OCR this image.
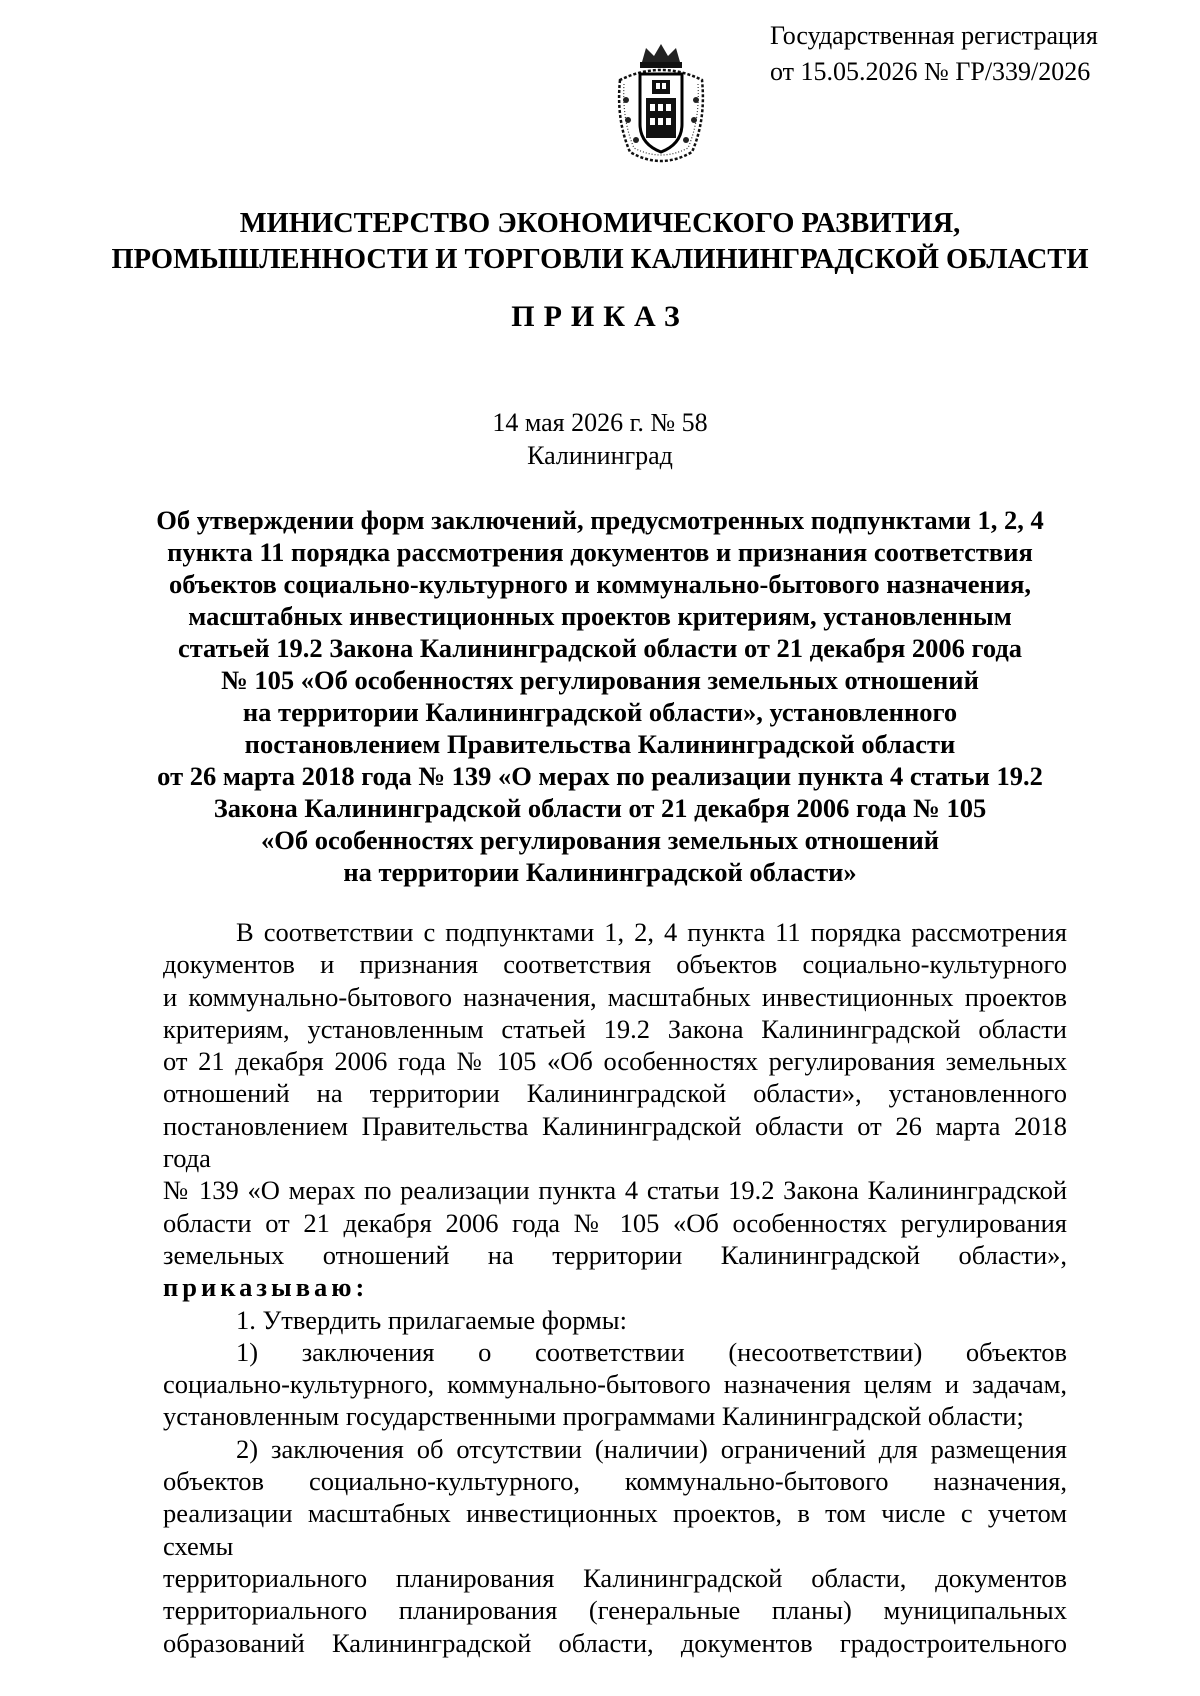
Государственная регистрация
от 15.05.2026 № ГР/339/2026
МИНИСТЕРСТВО ЭКОНОМИЧЕСКОГО РАЗВИТИЯ,
ПРОМЫШЛЕННОСТИ И ТОРГОВЛИ КАЛИНИНГРАДСКОЙ ОБЛАСТИ
ПРИКАЗ
14 мая 2026 г. № 58
Калининград
Об утверждении форм заключений, предусмотренных подпунктами 1, 2, 4
пункта 11 порядка рассмотрения документов и признания соответствия
объектов социально-культурного и коммунально-бытового назначения,
масштабных инвестиционных проектов критериям, установленным
статьей 19.2 Закона Калининградской области от 21 декабря 2006 года
№ 105 «Об особенностях регулирования земельных отношений
на территории Калининградской области», установленного
постановлением Правительства Калининградской области
от 26 марта 2018 года № 139 «О мерах по реализации пункта 4 статьи 19.2
Закона Калининградской области от 21 декабря 2006 года № 105
«Об особенностях регулирования земельных отношений
на территории Калининградской области»
В соответствии с подпунктами 1, 2, 4 пункта 11 порядка рассмотрения
документов и признания соответствия объектов социально-культурного
и коммунально-бытового назначения, масштабных инвестиционных проектов
критериям, установленным статьей 19.2 Закона Калининградской области
от 21 декабря 2006 года № 105 «Об особенностях регулирования земельных
отношений на территории Калининградской области», установленного
постановлением Правительства Калининградской области от 26 марта 2018 года
№ 139 «О мерах по реализации пункта 4 статьи 19.2 Закона Калининградской
области от 21 декабря 2006 года № 105 «Об особенностях регулирования
земельных отношений на территории Калининградской области»,
приказываю:
1. Утвердить прилагаемые формы:
1) заключения о соответствии (несоответствии) объектов
социально-культурного, коммунально-бытового назначения целям и задачам,
установленным государственными программами Калининградской области;
2) заключения об отсутствии (наличии) ограничений для размещения
объектов социально-культурного, коммунально-бытового назначения,
реализации масштабных инвестиционных проектов, в том числе с учетом схемы
территориального планирования Калининградской области, документов
территориального планирования (генеральные планы) муниципальных
образований Калининградской области, документов градостроительного
